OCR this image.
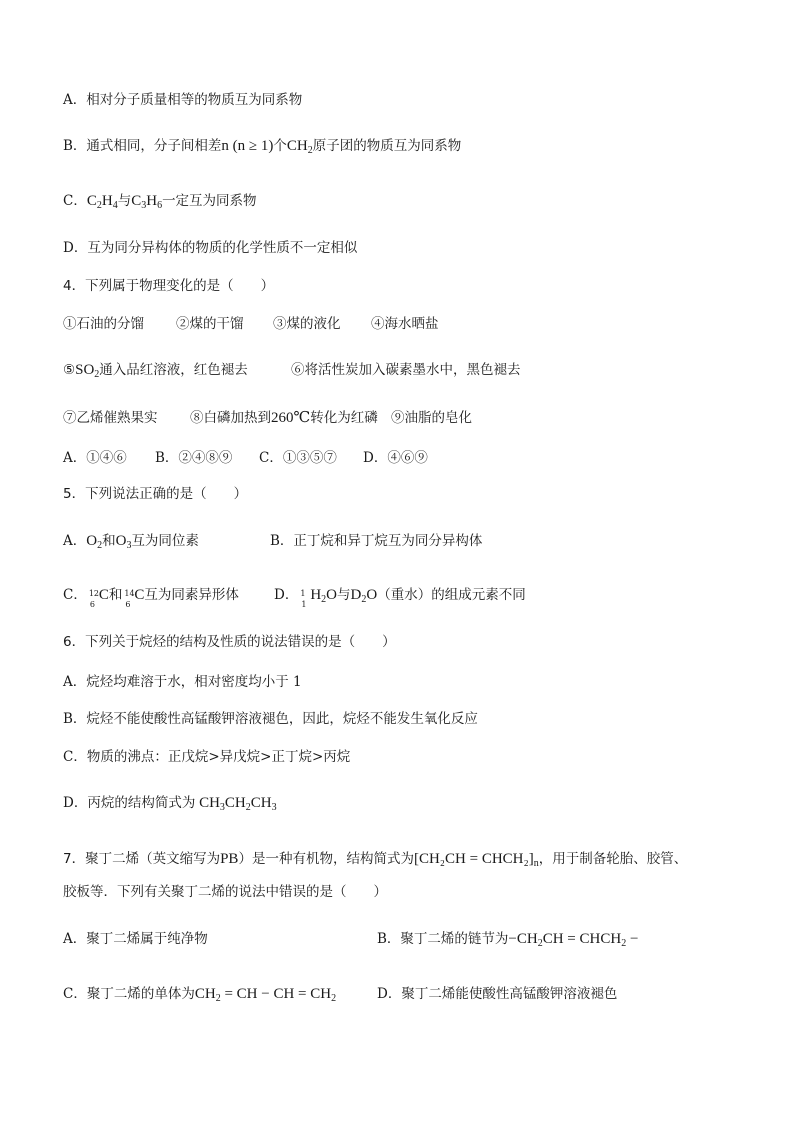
A．相对分子质量相等的物质互为同系物
B．通式相同，分子间相差n (n ≥ 1)个$CH_2$原子团的物质互为同系物
C．$C_2H_4$与$C_3H_6$一定互为同系物
D．互为同分异构体的物质的化学性质不一定相似
4．下列属于物理变化的是（　　）
①石油的分馏 ②煤的干馏 ③煤的液化 ④海水晒盐
$⑤SO_2$通入品红溶液，红色褪去	⑥将活性炭加入碳素墨水中，黑色褪去
⑦乙烯催熟果实 ⑧白磷加热到260℃转化为红磷 ⑨油脂的皂化
A．①④⑥ B．②④⑧⑨ C．①③⑤⑦ D．④⑥⑨
5．下列说法正确的是（　　）
A．$O_2$和$O_3$互为同位素	B．正丁烷和异丁烷互为同分异构体
C． 12
6
C和 14
6
C互为同素异形体	D． 1
1
$H_2O$与$D_2O$（重水）的组成元素不同
6．下列关于烷烃的结构及性质的说法错误的是（　　）
A．烷烃均难溶于水，相对密度均小于 1
B．烷烃不能使酸性高锰酸钾溶液褪色，因此，烷烃不能发生氧化反应
C．物质的沸点：正戊烷>异戊烷>正丁烷>丙烷
D．丙烷的结构简式为 $CH_3CH_2CH_3$
7．聚丁二烯（英文缩写为PB）是一种有机物，结构简式为$[CH_2CH = CHCH_2]_n$，用于制备轮胎、胶管、
胶板等．下列有关聚丁二烯的说法中错误的是（　　）
A．聚丁二烯属于纯净物	B．聚丁二烯的链节为$-CH_2CH$ = $CHCH_2$ −
C．聚丁二烯的单体为$CH_2$ = CH − CH = $CH_2$	D．聚丁二烯能使酸性高锰酸钾溶液褪色
